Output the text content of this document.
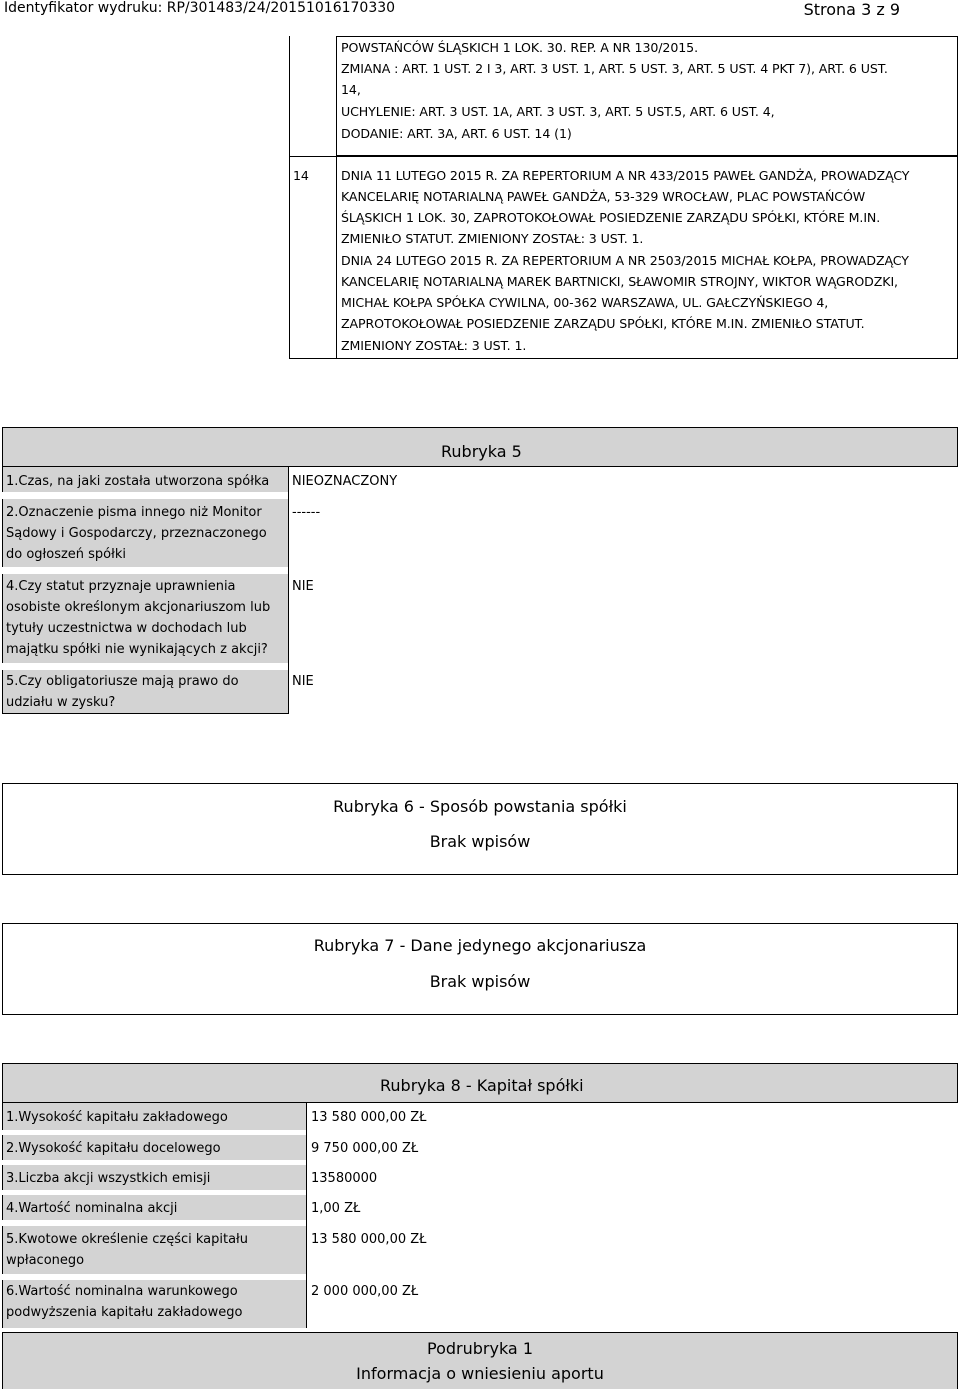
Identyfikator wydruku: RP/301483/24/20151016170330	Strona 3 z 9
POWSTAŃCÓW ŚLĄSKICH 1 LOK. 30. REP. A NR 130/2015.
ZMIANA : ART. 1 UST. 2 I 3, ART. 3 UST. 1, ART. 5 UST. 3, ART. 5 UST. 4 PKT 7), ART. 6 UST.
14,
UCHYLENIE: ART. 3 UST. 1A, ART. 3 UST. 3, ART. 5 UST.5, ART. 6 UST. 4,
DODANIE: ART. 3A, ART. 6 UST. 14 (1)
14	DNIA 11 LUTEGO 2015 R. ZA REPERTORIUM A NR 433/2015 PAWEŁ GANDŻA, PROWADZĄCY
KANCELARIĘ NOTARIALNĄ PAWEŁ GANDŻA, 53-329 WROCŁAW, PLAC POWSTAŃCÓW
ŚLĄSKICH 1 LOK. 30, ZAPROTOKOŁOWAŁ POSIEDZENIE ZARZĄDU SPÓŁKI, KTÓRE M.IN.
ZMIENIŁO STATUT. ZMIENIONY ZOSTAŁ: 3 UST. 1.
DNIA 24 LUTEGO 2015 R. ZA REPERTORIUM A NR 2503/2015 MICHAŁ KOŁPA, PROWADZĄCY
KANCELARIĘ NOTARIALNĄ MAREK BARTNICKI, SŁAWOMIR STROJNY, WIKTOR WĄGRODZKI,
MICHAŁ KOŁPA SPÓŁKA CYWILNA, 00-362 WARSZAWA, UL. GAŁCZYŃSKIEGO 4,
ZAPROTOKOŁOWAŁ POSIEDZENIE ZARZĄDU SPÓŁKI, KTÓRE M.IN. ZMIENIŁO STATUT.
ZMIENIONY ZOSTAŁ: 3 UST. 1.
Rubryka 5
1.Czas, na jaki została utworzona spółka	NIEOZNACZONY
2.Oznaczenie pisma innego niż Monitor Sądowy i Gospodarczy, przeznaczonego do ogłoszeń spółki
------
4.Czy statut przyznaje uprawnienia osobiste określonym akcjonariuszom lub tytuły uczestnictwa w dochodach lub majątku spółki nie wynikających z akcji?
NIE
5.Czy obligatoriusze mają prawo do udziału w zysku?
NIE
Rubryka 6 - Sposób powstania spółki
Brak wpisów
Rubryka 7 - Dane jedynego akcjonariusza
Brak wpisów
Rubryka 8 - Kapitał spółki
1.Wysokość kapitału zakładowego	13 580 000,00 ZŁ
2.Wysokość kapitału docelowego	9 750 000,00 ZŁ
3.Liczba akcji wszystkich emisji	13580000
4.Wartość nominalna akcji	1,00 ZŁ
5.Kwotowe określenie części kapitału wpłaconego
13 580 000,00 ZŁ
6.Wartość nominalna warunkowego podwyższenia kapitału zakładowego
2 000 000,00 ZŁ
Podrubryka 1
Informacja o wniesieniu aportu
